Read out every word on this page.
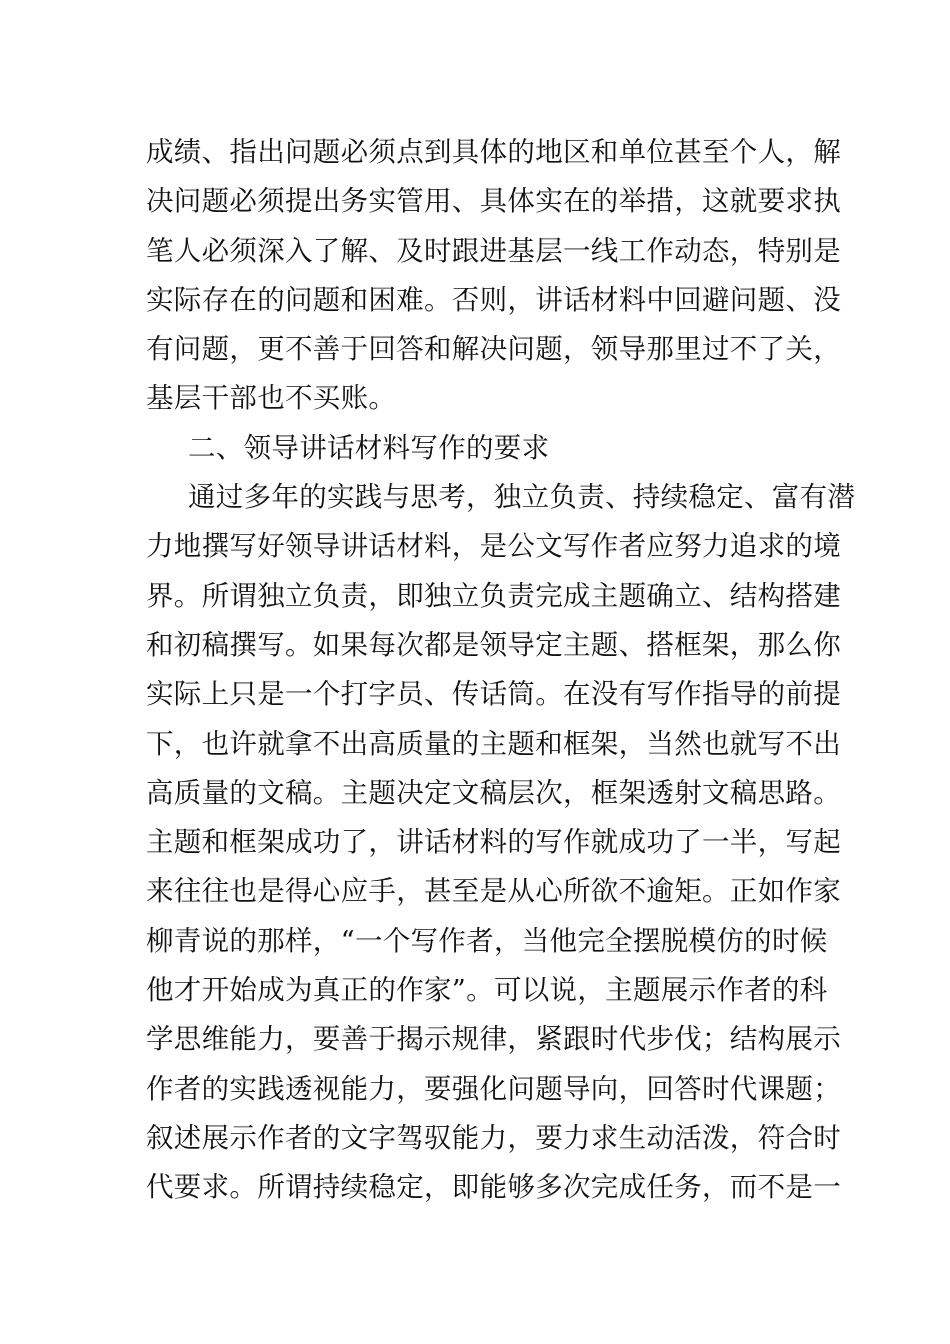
成绩、指出问题必须点到具体的地区和单位甚至个人，解
决问题必须提出务实管用、具体实在的举措，这就要求执
笔人必须深入了解、及时跟进基层一线工作动态，特别是
实际存在的问题和困难。否则，讲话材料中回避问题、没
有问题，更不善于回答和解决问题，领导那里过不了关，
基层干部也不买账。
二、领导讲话材料写作的要求
通过多年的实践与思考，独立负责、持续稳定、富有潜
力地撰写好领导讲话材料，是公文写作者应努力追求的境
界。所谓独立负责，即独立负责完成主题确立、结构搭建
和初稿撰写。如果每次都是领导定主题、搭框架，那么你
实际上只是一个打字员、传话筒。在没有写作指导的前提
下，也许就拿不出高质量的主题和框架，当然也就写不出
高质量的文稿。主题决定文稿层次，框架透射文稿思路。
主题和框架成功了，讲话材料的写作就成功了一半，写起
来往往也是得心应手，甚至是从心所欲不逾矩。正如作家
柳青说的那样，“一个写作者，当他完全摆脱模仿的时候
他才开始成为真正的作家”。可以说，主题展示作者的科
学思维能力，要善于揭示规律，紧跟时代步伐；结构展示
作者的实践透视能力，要强化问题导向，回答时代课题；
叙述展示作者的文字驾驭能力，要力求生动活泼，符合时
代要求。所谓持续稳定，即能够多次完成任务，而不是一
